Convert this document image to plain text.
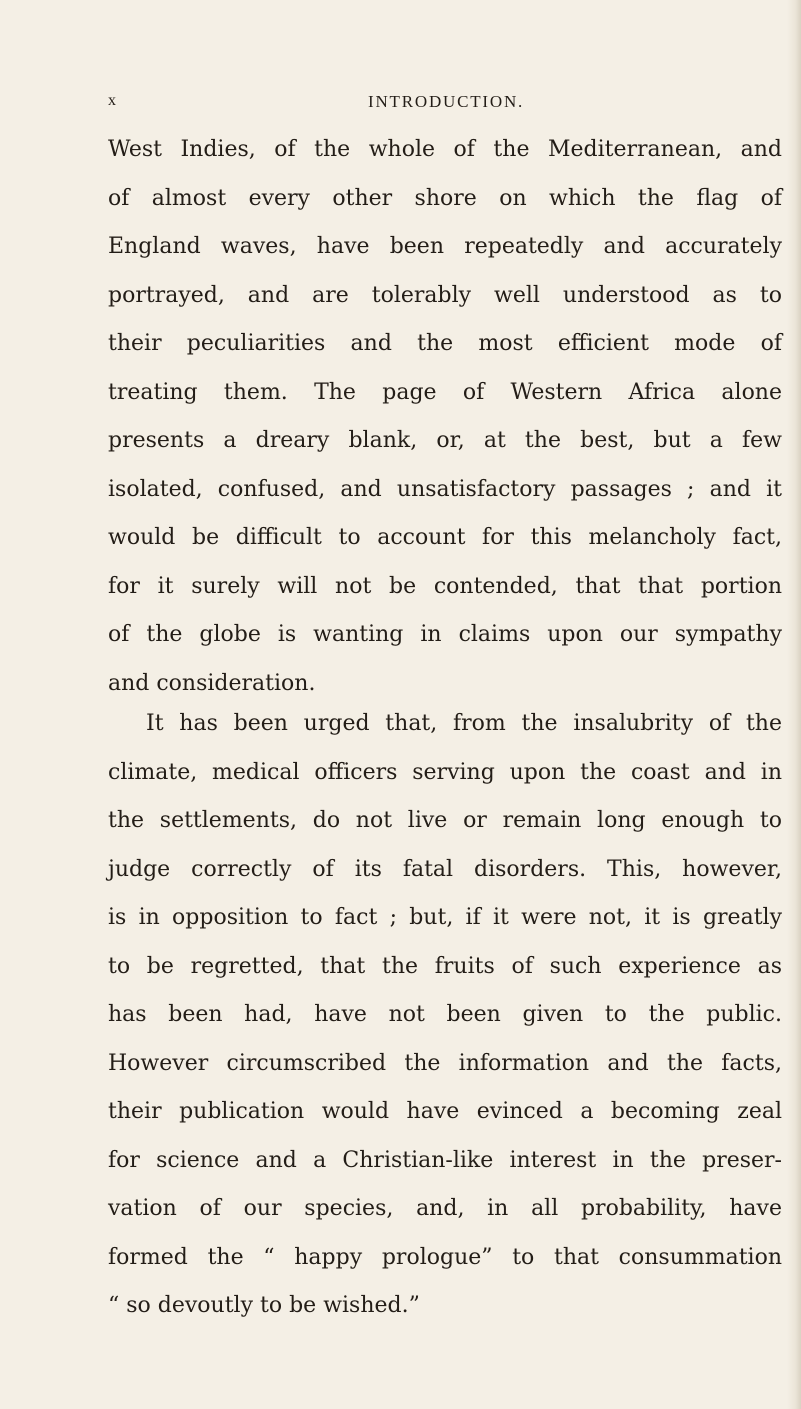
x	INTRODUCTION.
West Indies, of the whole of the Mediterranean, and
of almost every other shore on which the flag of
England waves, have been repeatedly and accurately
portrayed, and are tolerably well understood as to
their peculiarities and the most efficient mode of
treating them. The page of Western Africa alone
presents a dreary blank, or, at the best, but a few
isolated, confused, and unsatisfactory passages ; and it
would be difficult to account for this melancholy fact,
for it surely will not be contended, that that portion
of the globe is wanting in claims upon our sympathy
and consideration.
It has been urged that, from the insalubrity of the
climate, medical officers serving upon the coast and in
the settlements, do not live or remain long enough to
judge correctly of its fatal disorders. This, however,
is in opposition to fact ; but, if it were not, it is greatly
to be regretted, that the fruits of such experience as
has been had, have not been given to the public.
However circumscribed the information and the facts,
their publication would have evinced a becoming zeal
for science and a Christian-like interest in the preser-
vation of our species, and, in all probability, have
formed the “ happy prologue” to that consummation
“ so devoutly to be wished.”
